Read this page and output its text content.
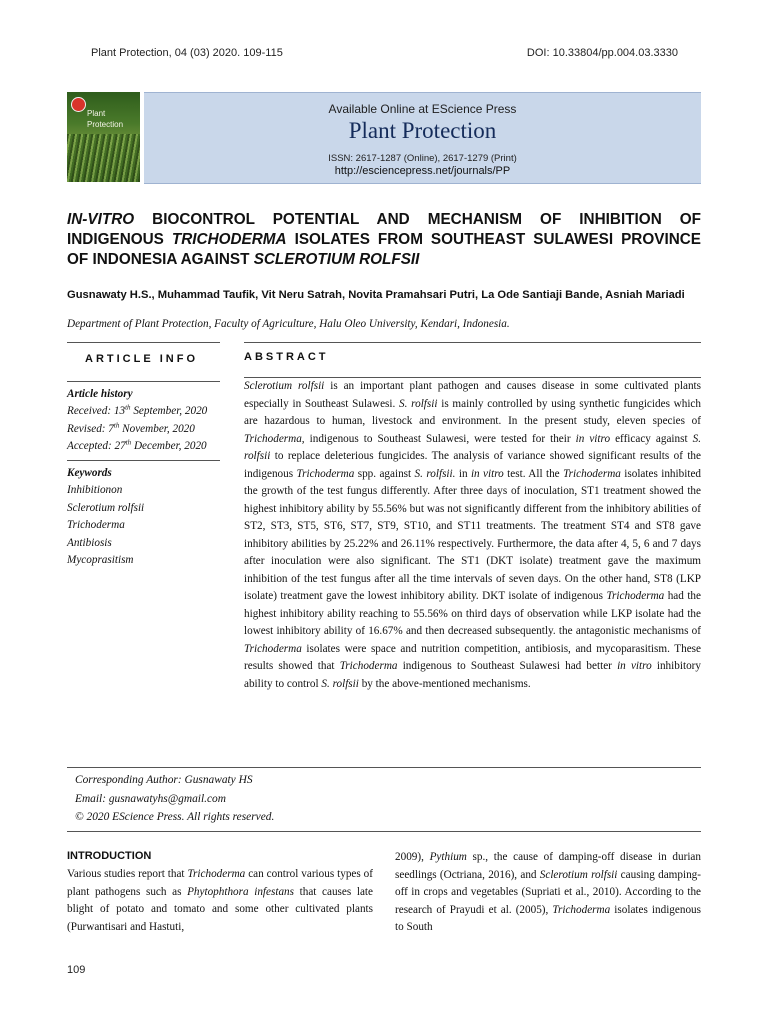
Plant Protection, 04 (03) 2020. 109-115	DOI: 10.33804/pp.004.03.3330
Plant
Protection
Available Online at EScience Press
Plant Protection
ISSN: 2617-1287 (Online), 2617-1279 (Print)
http://esciencepress.net/journals/PP
IN-VITRO BIOCONTROL POTENTIAL AND MECHANISM OF INHIBITION OF INDIGENOUS TRICHODERMA ISOLATES FROM SOUTHEAST SULAWESI PROVINCE OF INDONESIA AGAINST SCLEROTIUM ROLFSII
Gusnawaty H.S., Muhammad Taufik, Vit Neru Satrah, Novita Pramahsari Putri, La Ode Santiaji Bande, Asniah Mariadi
Department of Plant Protection, Faculty of Agriculture, Halu Oleo University, Kendari, Indonesia.
ARTICLE INFO	ABSTRACT
Article history
Received: 13th September, 2020
Revised: 7th November, 2020
Accepted: 27th December, 2020
Keywords
Inhibitionon
Sclerotium rolfsii
Trichoderma
Antibiosis
Mycoprasitism

Sclerotium rolfsii is an important plant pathogen and causes disease in some cultivated plants especially in Southeast Sulawesi. S. rolfsii is mainly controlled by using synthetic fungicides which are hazardous to human, livestock and environment. In the present study, eleven species of Trichoderma, indigenous to Southeast Sulawesi, were tested for their in vitro efficacy against S. rolfsii to replace deleterious fungicides. The analysis of variance showed significant results of the indigenous Trichoderma spp. against S. rolfsii. in in vitro test. All the Trichoderma isolates inhibited the growth of the test fungus differently. After three days of inoculation, ST1 treatment showed the highest inhibitory ability by 55.56% but was not significantly different from the inhibitory abilities of ST2, ST3, ST5, ST6, ST7, ST9, ST10, and ST11 treatments. The treatment ST4 and ST8 gave inhibitory abilities by 25.22% and 26.11% respectively. Furthermore, the data after 4, 5, 6 and 7 days after inoculation were also significant. The ST1 (DKT isolate) treatment gave the maximum inhibition of the test fungus after all the time intervals of seven days. On the other hand, ST8 (LKP isolate) treatment gave the lowest inhibitory ability. DKT isolate of indigenous Trichoderma had the highest inhibitory ability reaching to 55.56% on third days of observation while LKP isolate had the lowest inhibitory ability of 16.67% and then decreased subsequently. the antagonistic mechanisms of Trichoderma isolates were space and nutrition competition, antibiosis, and mycoparasitism. These results showed that Trichoderma indigenous to Southeast Sulawesi had better in vitro inhibitory ability to control S. rolfsii by the above-mentioned mechanisms.

Corresponding Author: Gusnawaty HS
Email: gusnawatyhs@gmail.com
© 2020 EScience Press. All rights reserved.
INTRODUCTION

Various studies report that Trichoderma can control various types of plant pathogens such as Phytophthora infestans that causes late blight of potato and tomato and some other cultivated plants (Purwantisari and Hastuti,

2009), Pythium sp., the cause of damping-off disease in durian seedlings (Octriana, 2016), and Sclerotium rolfsii causing damping-off in crops and vegetables (Supriati et al., 2010). According to the research of Prayudi et al. (2005), Trichoderma isolates indigenous to South

109
